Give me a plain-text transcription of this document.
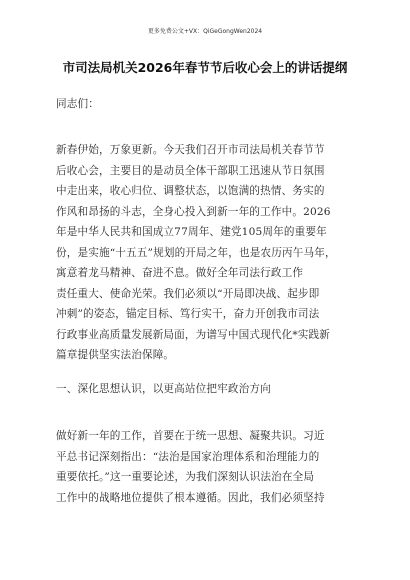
更多免费公文+VX：QiGeGongWen2024
市司法局机关2026年春节节后收心会上的讲话提纲
同志们：
新春伊始，万象更新。今天我们召开市司法局机关春节节
后收心会，主要目的是动员全体干部职工迅速从节日氛围
中走出来，收心归位、调整状态，以饱满的热情、务实的
作风和昂扬的斗志，全身心投入到新一年的工作中。2026
年是中华人民共和国成立77周年、建党105周年的重要年
份，是实施“十五五”规划的开局之年，也是农历丙午马年，
寓意着龙马精神、奋进不息。做好全年司法行政工作
责任重大、使命光荣。我们必须以“开局即决战、起步即
冲刺”的姿态，锚定目标、笃行实干，奋力开创我市司法
行政事业高质量发展新局面，为谱写中国式现代化*实践新
篇章提供坚实法治保障。
一、深化思想认识，以更高站位把牢政治方向
做好新一年的工作，首要在于统一思想、凝聚共识。习近
平总书记深刻指出：“法治是国家治理体系和治理能力的
重要依托。”这一重要论述，为我们深刻认识法治在全局
工作中的战略地位提供了根本遵循。因此，我们必须坚持
